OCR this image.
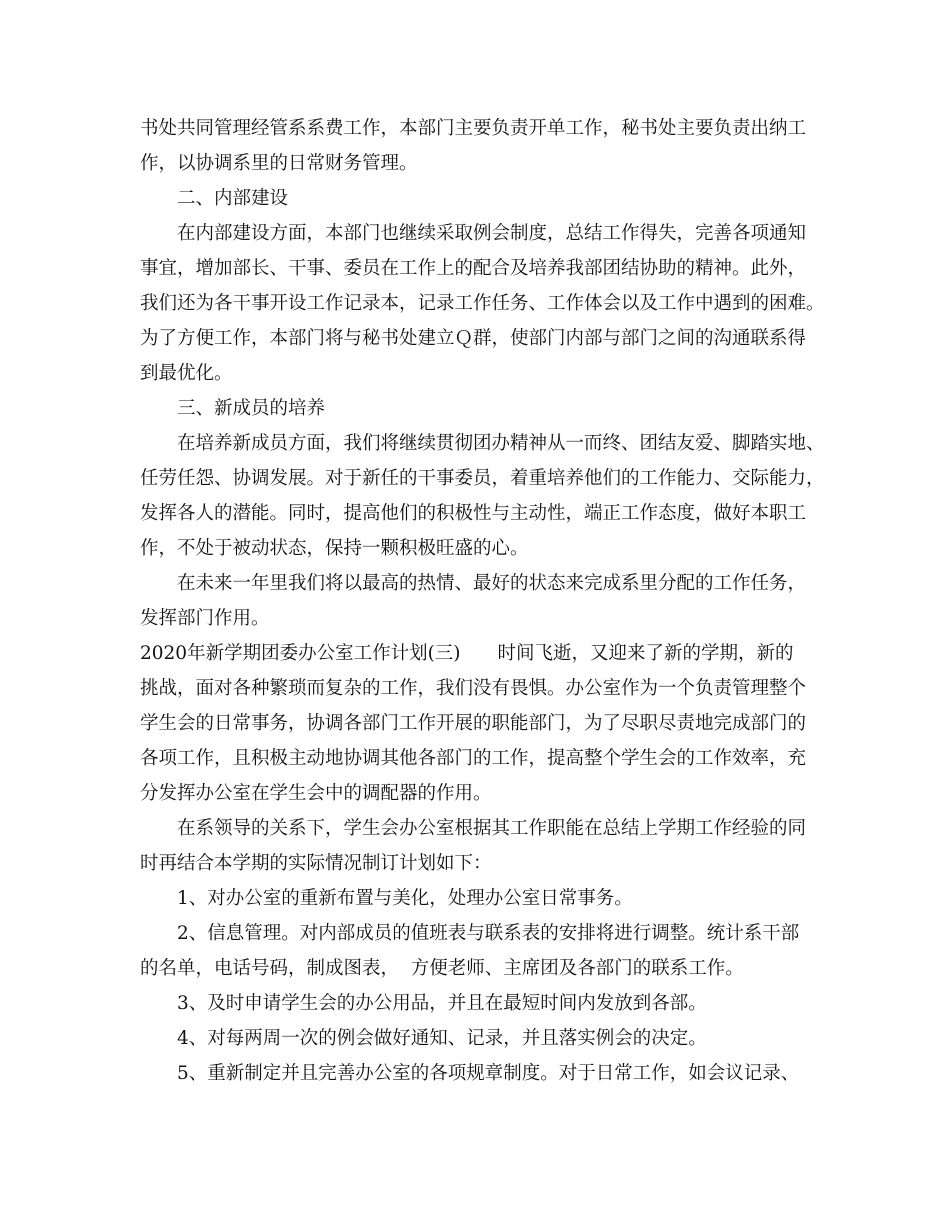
书处共同管理经管系系费工作，本部门主要负责开单工作，秘书处主要负责出纳工
作，以协调系里的日常财务管理。
二、内部建设
在内部建设方面，本部门也继续采取例会制度，总结工作得失，完善各项通知
事宜，增加部长、干事、委员在工作上的配合及培养我部团结协助的精神。此外，
我们还为各干事开设工作记录本，记录工作任务、工作体会以及工作中遇到的困难。
为了方便工作，本部门将与秘书处建立Ｑ群，使部门内部与部门之间的沟通联系得
到最优化。
三、新成员的培养
在培养新成员方面，我们将继续贯彻团办精神从一而终、团结友爱、脚踏实地、
任劳任怨、协调发展。对于新任的干事委员，着重培养他们的工作能力、交际能力，
发挥各人的潜能。同时，提高他们的积极性与主动性，端正工作态度，做好本职工
作，不处于被动状态，保持一颗积极旺盛的心。
在未来一年里我们将以最高的热情、最好的状态来完成系里分配的工作任务，
发挥部门作用。
2020年新学期团委办公室工作计划(三)　　时间飞逝，又迎来了新的学期，新的
挑战，面对各种繁琐而复杂的工作，我们没有畏惧。办公室作为一个负责管理整个
学生会的日常事务，协调各部门工作开展的职能部门，为了尽职尽责地完成部门的
各项工作，且积极主动地协调其他各部门的工作，提高整个学生会的工作效率，充
分发挥办公室在学生会中的调配器的作用。
在系领导的关系下，学生会办公室根据其工作职能在总结上学期工作经验的同
时再结合本学期的实际情况制订计划如下：
1、对办公室的重新布置与美化，处理办公室日常事务。
2、信息管理。对内部成员的值班表与联系表的安排将进行调整。统计系干部
的名单，电话号码，制成图表，  方便老师、主席团及各部门的联系工作。
3、及时申请学生会的办公用品，并且在最短时间内发放到各部。
4、对每两周一次的例会做好通知、记录，并且落实例会的决定。
5、重新制定并且完善办公室的各项规章制度。对于日常工作，如会议记录、
